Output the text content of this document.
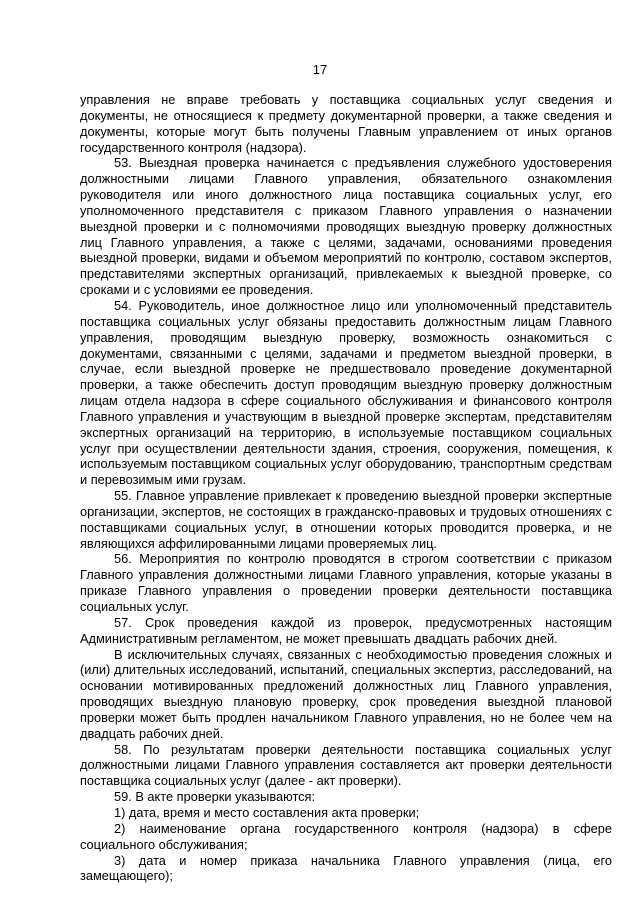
17

управления не вправе требовать у поставщика социальных услуг сведения и документы, не относящиеся к предмету документарной проверки, а также сведения и документы, которые могут быть получены Главным управлением от иных органов государственного контроля (надзора).

53. Выездная проверка начинается с предъявления служебного удостоверения должностными лицами Главного управления, обязательного ознакомления руководителя или иного должностного лица поставщика социальных услуг, его уполномоченного представителя с приказом Главного управления о назначении выездной проверки и с полномочиями проводящих выездную проверку должностных лиц Главного управления, а также с целями, задачами, основаниями проведения выездной проверки, видами и объемом мероприятий по контролю, составом экспертов, представителями экспертных организаций, привлекаемых к выездной проверке, со сроками и с условиями ее проведения.

54. Руководитель, иное должностное лицо или уполномоченный представитель поставщика социальных услуг обязаны предоставить должностным лицам Главного управления, проводящим выездную проверку, возможность ознакомиться с документами, связанными с целями, задачами и предметом выездной проверки, в случае, если выездной проверке не предшествовало проведение документарной проверки, а также обеспечить доступ проводящим выездную проверку должностным лицам отдела надзора в сфере социального обслуживания и финансового контроля Главного управления и участвующим в выездной проверке экспертам, представителям экспертных организаций на территорию, в используемые поставщиком социальных услуг при осуществлении деятельности здания, строения, сооружения, помещения, к используемым поставщиком социальных услуг оборудованию, транспортным средствам и перевозимым ими грузам.

55. Главное управление привлекает к проведению выездной проверки экспертные организации, экспертов, не состоящих в гражданско-правовых и трудовых отношениях с поставщиками социальных услуг, в отношении которых проводится проверка, и не являющихся аффилированными лицами проверяемых лиц.

56. Мероприятия по контролю проводятся в строгом соответствии с приказом Главного управления должностными лицами Главного управления, которые указаны в приказе Главного управления о проведении проверки деятельности поставщика социальных услуг.

57. Срок проведения каждой из проверок, предусмотренных настоящим Административным регламентом, не может превышать двадцать рабочих дней.

В исключительных случаях, связанных с необходимостью проведения сложных и (или) длительных исследований, испытаний, специальных экспертиз, расследований, на основании мотивированных предложений должностных лиц Главного управления, проводящих выездную плановую проверку, срок проведения выездной плановой проверки может быть продлен начальником Главного управления, но не более чем на двадцать рабочих дней.

58. По результатам проверки деятельности поставщика социальных услуг должностными лицами Главного управления составляется акт проверки деятельности поставщика социальных услуг (далее - акт проверки).

59. В акте проверки указываются:

1) дата, время и место составления акта проверки;

2) наименование органа государственного контроля (надзора) в сфере социального обслуживания;

3) дата и номер приказа начальника Главного управления (лица, его замещающего);
